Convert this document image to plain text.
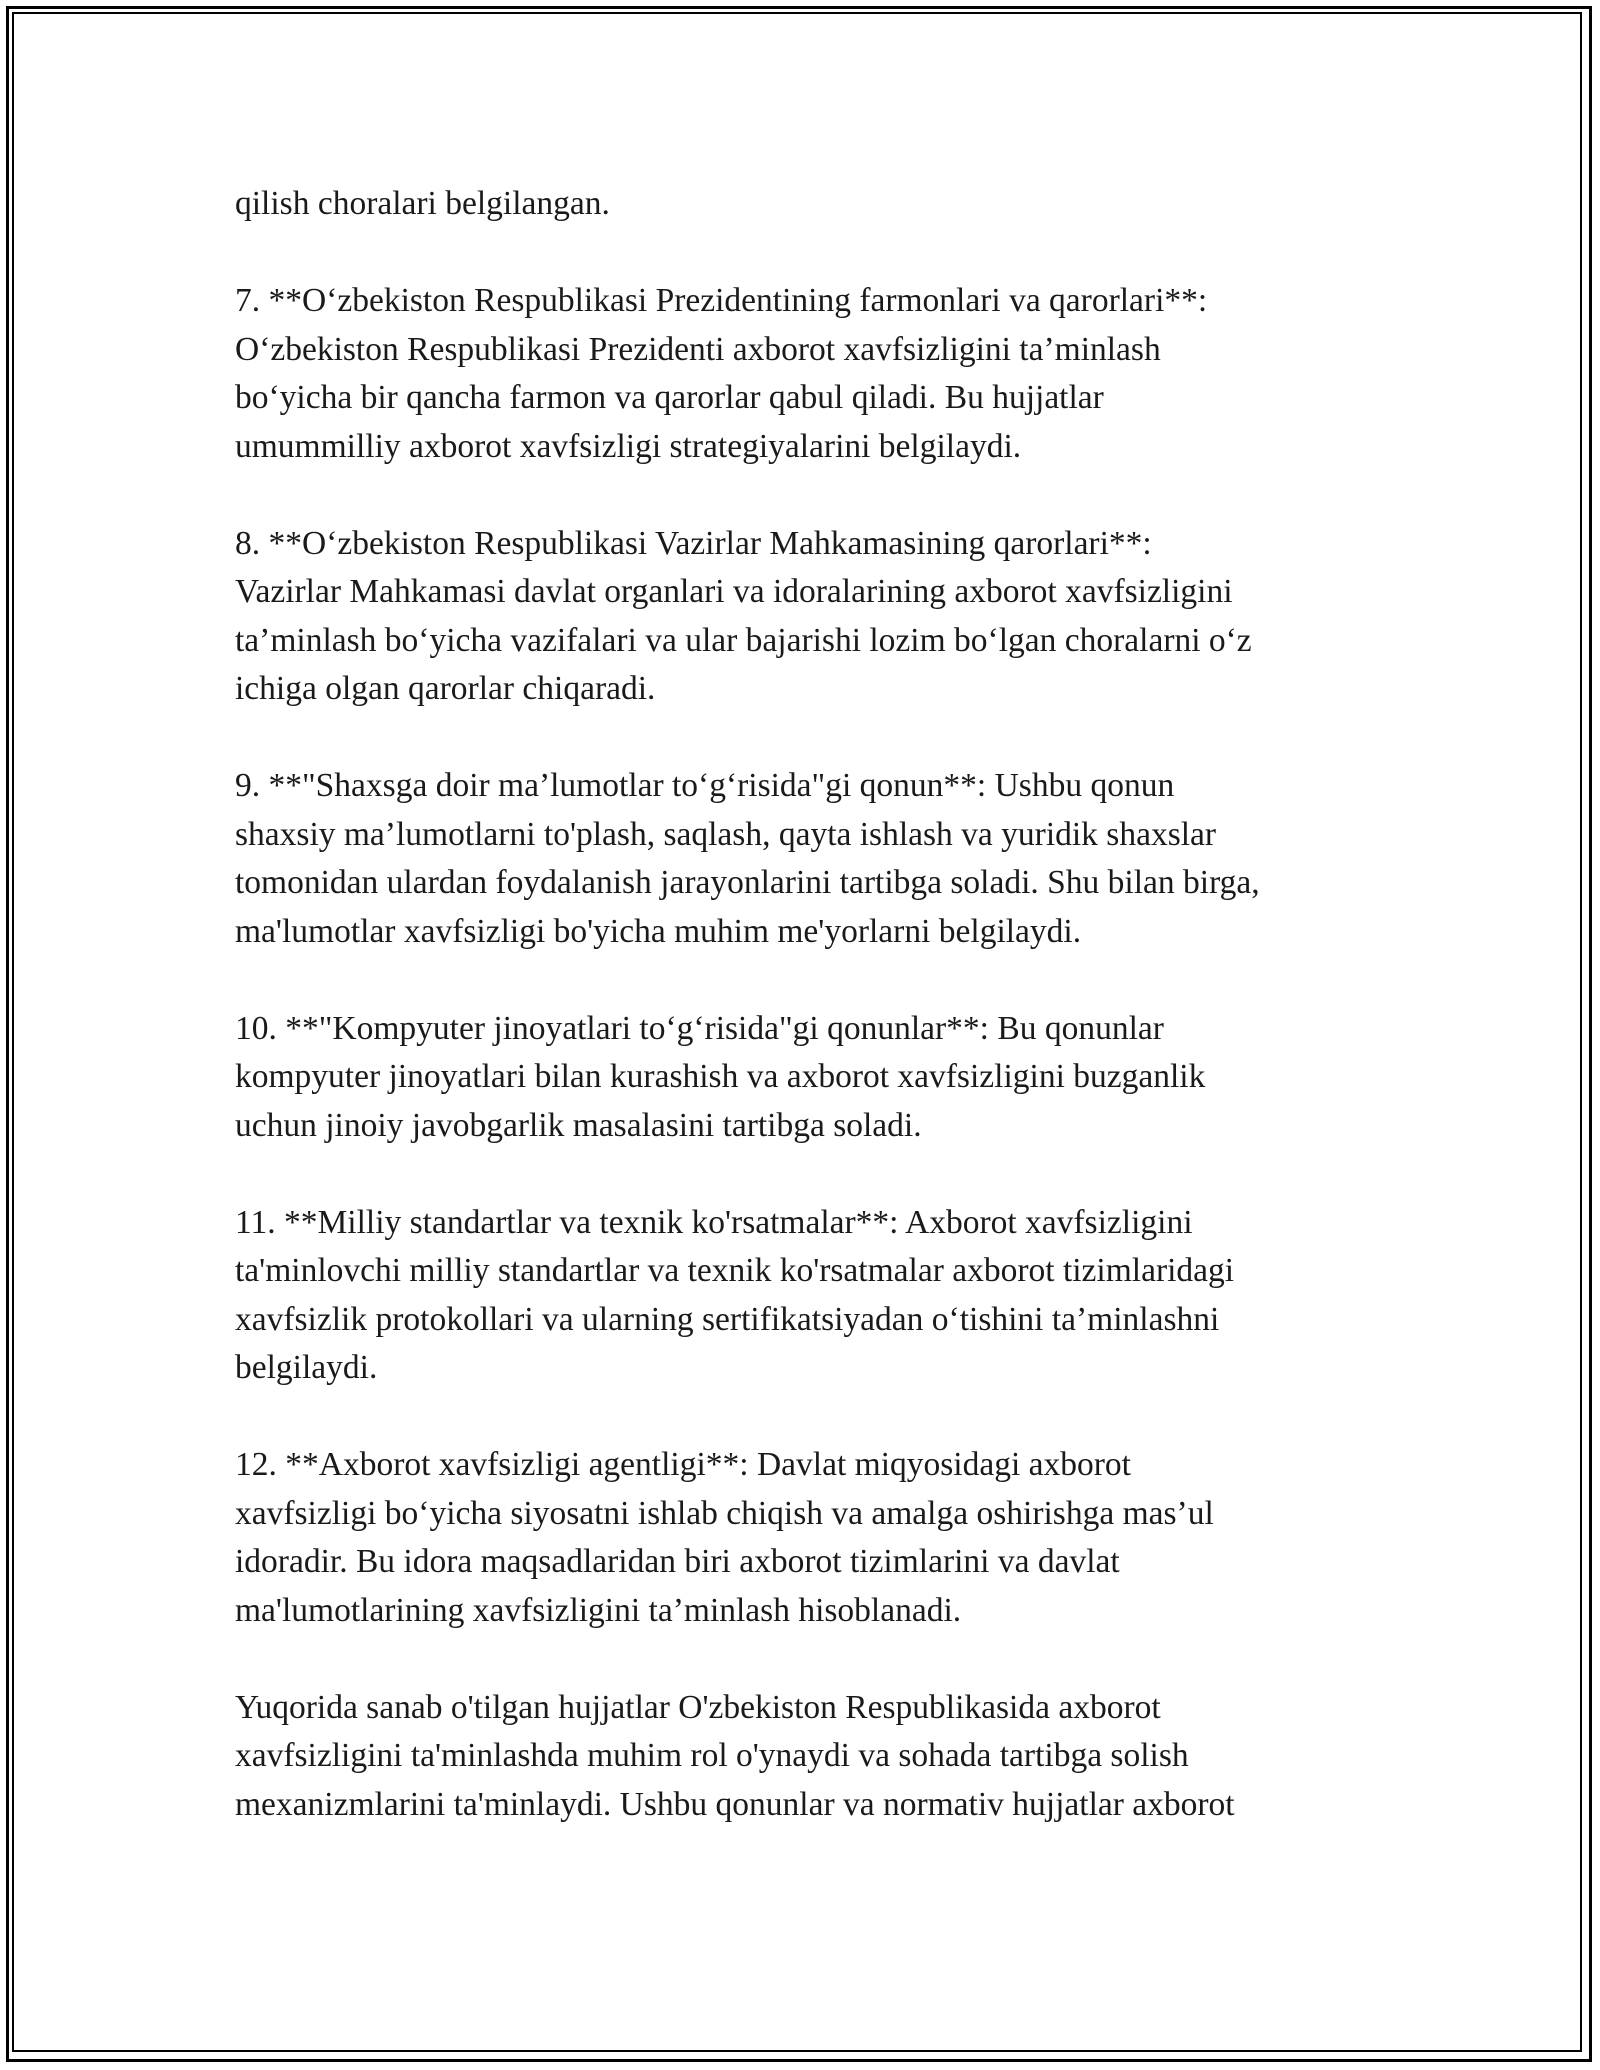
qilish choralari belgilangan.

7. **O‘zbekiston Respublikasi Prezidentining farmonlari va qarorlari**:
O‘zbekiston Respublikasi Prezidenti axborot xavfsizligini ta’minlash
bo‘yicha bir qancha farmon va qarorlar qabul qiladi. Bu hujjatlar
umummilliy axborot xavfsizligi strategiyalarini belgilaydi.

8. **O‘zbekiston Respublikasi Vazirlar Mahkamasining qarorlari**:
Vazirlar Mahkamasi davlat organlari va idoralarining axborot xavfsizligini
ta’minlash bo‘yicha vazifalari va ular bajarishi lozim bo‘lgan choralarni o‘z
ichiga olgan qarorlar chiqaradi.

9. **"Shaxsga doir ma’lumotlar to‘g‘risida"gi qonun**: Ushbu qonun
shaxsiy ma’lumotlarni to'plash, saqlash, qayta ishlash va yuridik shaxslar
tomonidan ulardan foydalanish jarayonlarini tartibga soladi. Shu bilan birga,
ma'lumotlar xavfsizligi bo'yicha muhim me'yorlarni belgilaydi.

10. **"Kompyuter jinoyatlari to‘g‘risida"gi qonunlar**: Bu qonunlar
kompyuter jinoyatlari bilan kurashish va axborot xavfsizligini buzganlik
uchun jinoiy javobgarlik masalasini tartibga soladi.

11. **Milliy standartlar va texnik ko'rsatmalar**: Axborot xavfsizligini
ta'minlovchi milliy standartlar va texnik ko'rsatmalar axborot tizimlaridagi
xavfsizlik protokollari va ularning sertifikatsiyadan o‘tishini ta’minlashni
belgilaydi.

12. **Axborot xavfsizligi agentligi**: Davlat miqyosidagi axborot
xavfsizligi bo‘yicha siyosatni ishlab chiqish va amalga oshirishga mas’ul
idoradir. Bu idora maqsadlaridan biri axborot tizimlarini va davlat
ma'lumotlarining xavfsizligini ta’minlash hisoblanadi.

Yuqorida sanab o'tilgan hujjatlar O'zbekiston Respublikasida axborot
xavfsizligini ta'minlashda muhim rol o'ynaydi va sohada tartibga solish
mexanizmlarini ta'minlaydi. Ushbu qonunlar va normativ hujjatlar axborot
